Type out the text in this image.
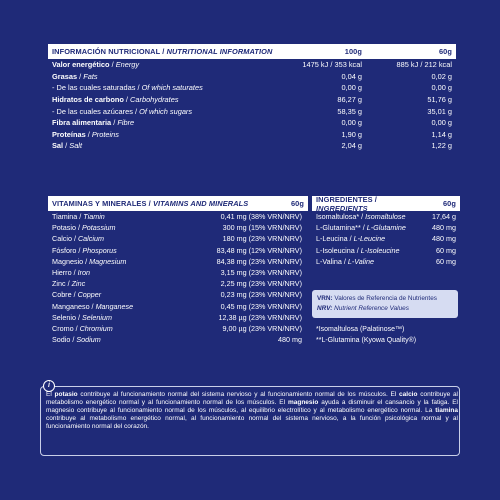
INFORMACIÓN NUTRICIONAL / NUTRITIONAL INFORMATION	100g	60g
Valor energético / Energy	1475 kJ / 353 kcal	885 kJ / 212 kcal
Grasas / Fats	0,04 g	0,02 g
- De las cuales saturadas / Of which saturates	0,00 g	0,00 g
Hidratos de carbono / Carbohydrates	86,27 g	51,76 g
- De las cuales azúcares / Of which sugars	58,35 g	35,01 g
Fibra alimentaria / Fibre	0,00 g	0,00 g
Proteínas / Proteins	1,90 g	1,14 g
Sal / Salt	2,04 g	1,22 g
VITAMINAS Y MINERALES / VITAMINS AND MINERALS	60g
Tiamina / Tiamin	0,41 mg (38% VRN/NRV)
Potasio / Potassium	300 mg (15% VRN/NRV)
Calcio / Calcium	180 mg (23% VRN/NRV)
Fósforo / Phosporus	83,48 mg (12% VRN/NRV)
Magnesio / Magnesium	84,38 mg (23% VRN/NRV)
Hierro / Iron	3,15 mg (23% VRN/NRV)
Zinc / Zinc	2,25 mg (23% VRN/NRV)
Cobre / Copper	0,23 mg (23% VRN/NRV)
Manganeso / Manganese	0,45 mg (23% VRN/NRV)
Selenio / Selenium	12,38 µg (23% VRN/NRV)
Cromo / Chromium	9,00 µg (23% VRN/NRV)
Sodio / Sodium	480 mg
INGREDIENTES / INGREDIENTS	60g
Isomaltulosa* / Isomaltulose	17,64 g
L-Glutamina** / L-Glutamine	480 mg
L-Leucina / L-Leucine	480 mg
L-Isoleucina / L-Isoleucine	60 mg
L-Valina / L-Valine	60 mg
VRN: Valores de Referencia de Nutrientes
NRV: Nutrient Reference Values
*Isomaltulosa (Palatinose™)
**L-Glutamina (Kyowa Quality®)
i
El potasio contribuye al funcionamiento normal del sistema nervioso y al funcionamiento normal de los músculos. El calcio contribuye al metabolismo energético normal y al funcionamiento normal de los músculos. El magnesio ayuda a disminuir el cansancio y la fatiga. El magnesio contribuye al funcionamiento normal de los músculos, al equilibrio electrolítico y al metabolismo energético normal. La tiamina contribuye al metabolismo energético normal, al funcionamiento normal del sistema nervioso, a la función psicológica normal y al funcionamiento normal del corazón.
